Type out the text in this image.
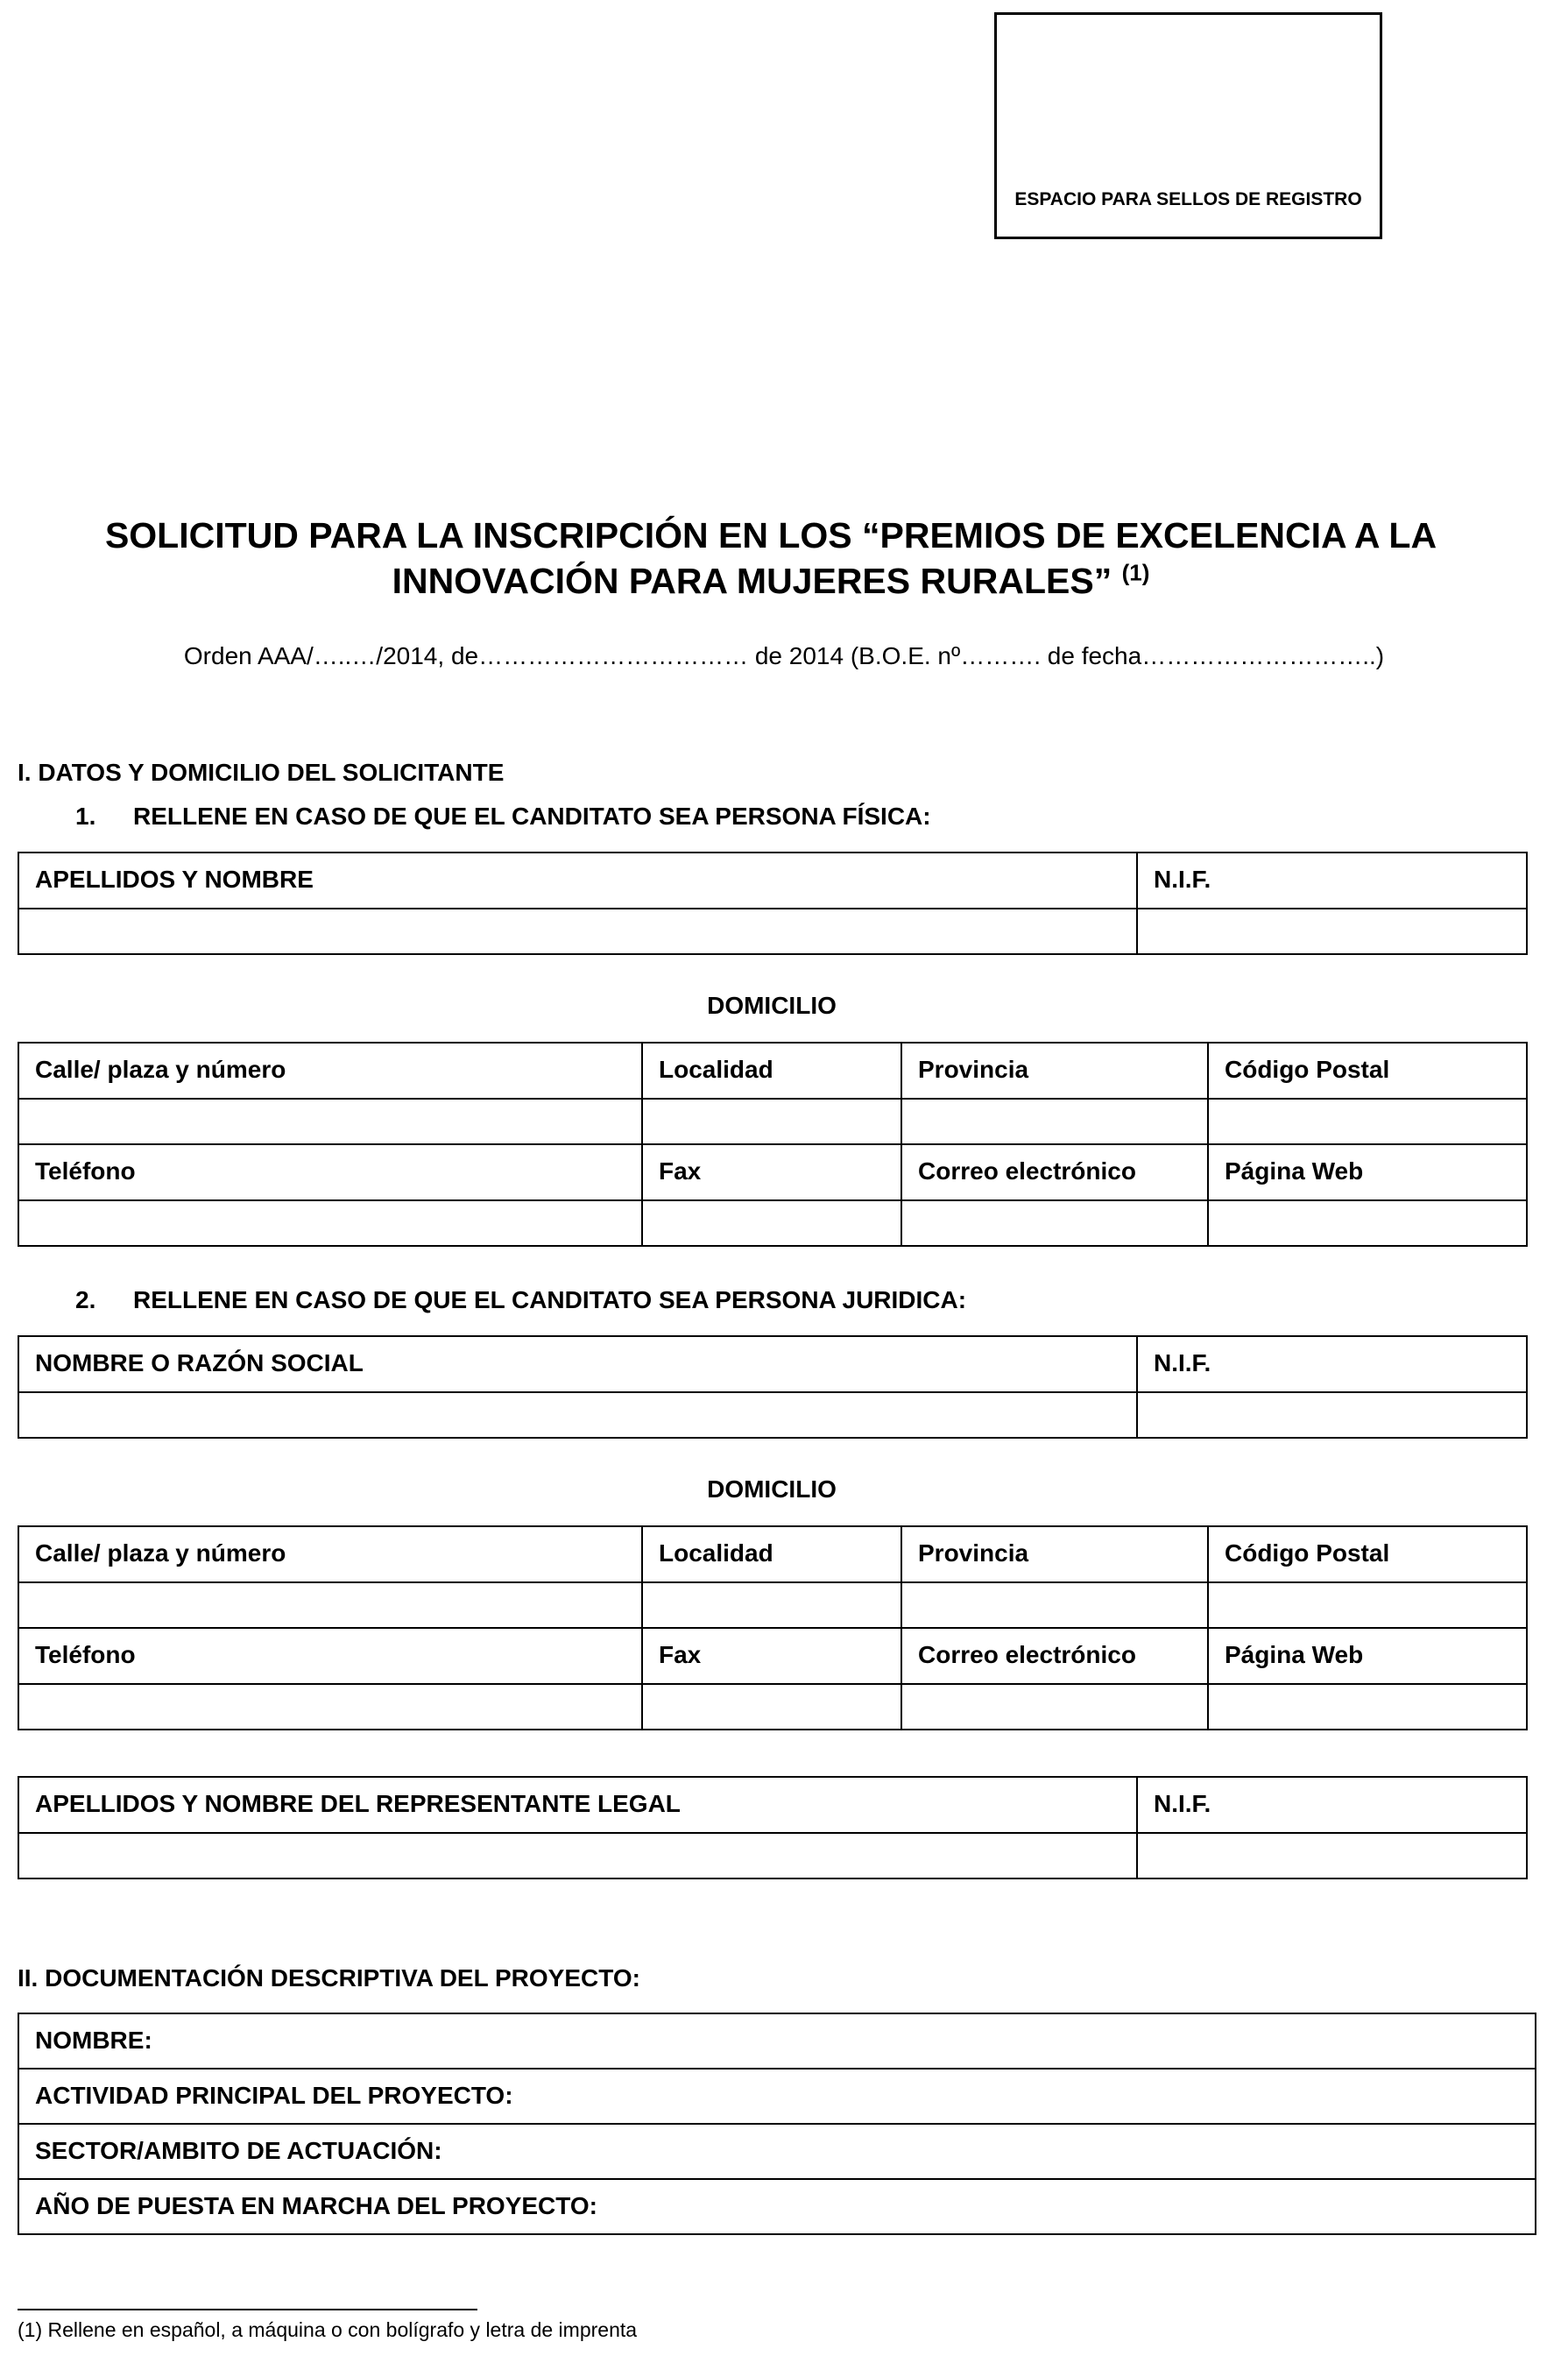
ESPACIO PARA SELLOS DE REGISTRO
SOLICITUD PARA LA INSCRIPCIÓN EN LOS “PREMIOS DE EXCELENCIA A LA
INNOVACIÓN PARA MUJERES RURALES” $^{(1)}$
Orden AAA/…..…/2014, de…………………………… de 2014 (B.O.E. nº………. de fecha………………………..)
I. DATOS Y DOMICILIO DEL SOLICITANTE
1. RELLENE EN CASO DE QUE EL CANDITATO SEA PERSONA FÍSICA:
APELLIDOS Y NOMBRE	N.I.F.

DOMICILIO
Calle/ plaza y número	Localidad	Provincia	Código Postal

Teléfono	Fax	Correo electrónico	Página Web

2. RELLENE EN CASO DE QUE EL CANDITATO SEA PERSONA JURIDICA:
NOMBRE O RAZÓN SOCIAL	N.I.F.

DOMICILIO
Calle/ plaza y número	Localidad	Provincia	Código Postal

Teléfono	Fax	Correo electrónico	Página Web

APELLIDOS Y NOMBRE DEL REPRESENTANTE LEGAL	N.I.F.

II. DOCUMENTACIÓN DESCRIPTIVA DEL PROYECTO:
NOMBRE:
ACTIVIDAD PRINCIPAL DEL PROYECTO:
SECTOR/AMBITO DE ACTUACIÓN:
AÑO DE PUESTA EN MARCHA DEL PROYECTO:
(1) Rellene en español, a máquina o con bolígrafo y letra de imprenta
